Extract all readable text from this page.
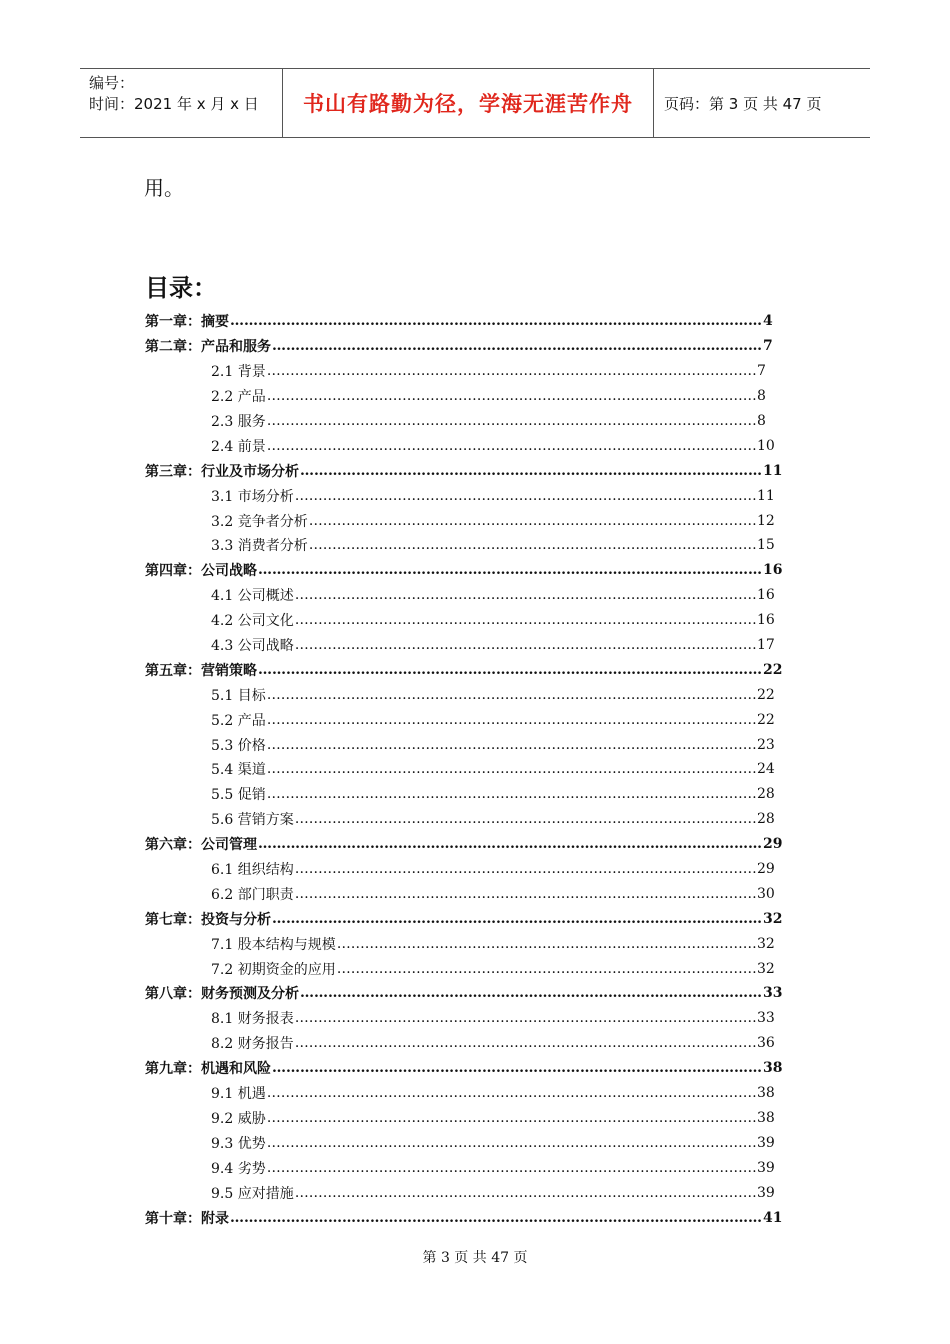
编号：
时间：2021 年 x 月 x 日	书山有路勤为径，学海无涯苦作舟	页码：第 3 页 共 47 页
用。
目录：
第一章：摘要 …………………………………………………………………………………………………………………………………………	4
第二章：产品和服务 …………………………………………………………………………………………………………………………………………	7
2.1 背景 …………………………………………………………………………………………………………………………………………	7
2.2 产品 …………………………………………………………………………………………………………………………………………	8
2.3 服务 …………………………………………………………………………………………………………………………………………	8
2.4 前景 …………………………………………………………………………………………………………………………………………	10
第三章：行业及市场分析 …………………………………………………………………………………………………………………………………………	11
3.1 市场分析 …………………………………………………………………………………………………………………………………………	11
3.2 竞争者分析 …………………………………………………………………………………………………………………………………………	12
3.3 消费者分析 …………………………………………………………………………………………………………………………………………	15
第四章：公司战略 …………………………………………………………………………………………………………………………………………	16
4.1 公司概述 …………………………………………………………………………………………………………………………………………	16
4.2 公司文化 …………………………………………………………………………………………………………………………………………	16
4.3 公司战略 …………………………………………………………………………………………………………………………………………	17
第五章：营销策略 …………………………………………………………………………………………………………………………………………	22
5.1 目标 …………………………………………………………………………………………………………………………………………	22
5.2 产品 …………………………………………………………………………………………………………………………………………	22
5.3 价格 …………………………………………………………………………………………………………………………………………	23
5.4 渠道 …………………………………………………………………………………………………………………………………………	24
5.5 促销 …………………………………………………………………………………………………………………………………………	28
5.6 营销方案 …………………………………………………………………………………………………………………………………………	28
第六章：公司管理 …………………………………………………………………………………………………………………………………………	29
6.1 组织结构 …………………………………………………………………………………………………………………………………………	29
6.2 部门职责 …………………………………………………………………………………………………………………………………………	30
第七章：投资与分析 …………………………………………………………………………………………………………………………………………	32
7.1 股本结构与规模 …………………………………………………………………………………………………………………………………………	32
7.2 初期资金的应用 …………………………………………………………………………………………………………………………………………	32
第八章：财务预测及分析 …………………………………………………………………………………………………………………………………………	33
8.1 财务报表 …………………………………………………………………………………………………………………………………………	33
8.2 财务报告 …………………………………………………………………………………………………………………………………………	36
第九章：机遇和风险 …………………………………………………………………………………………………………………………………………	38
9.1 机遇 …………………………………………………………………………………………………………………………………………	38
9.2 威胁 …………………………………………………………………………………………………………………………………………	38
9.3 优势 …………………………………………………………………………………………………………………………………………	39
9.4 劣势 …………………………………………………………………………………………………………………………………………	39
9.5 应对措施 …………………………………………………………………………………………………………………………………………	39
第十章：附录 …………………………………………………………………………………………………………………………………………	41
第 3 页 共 47 页
